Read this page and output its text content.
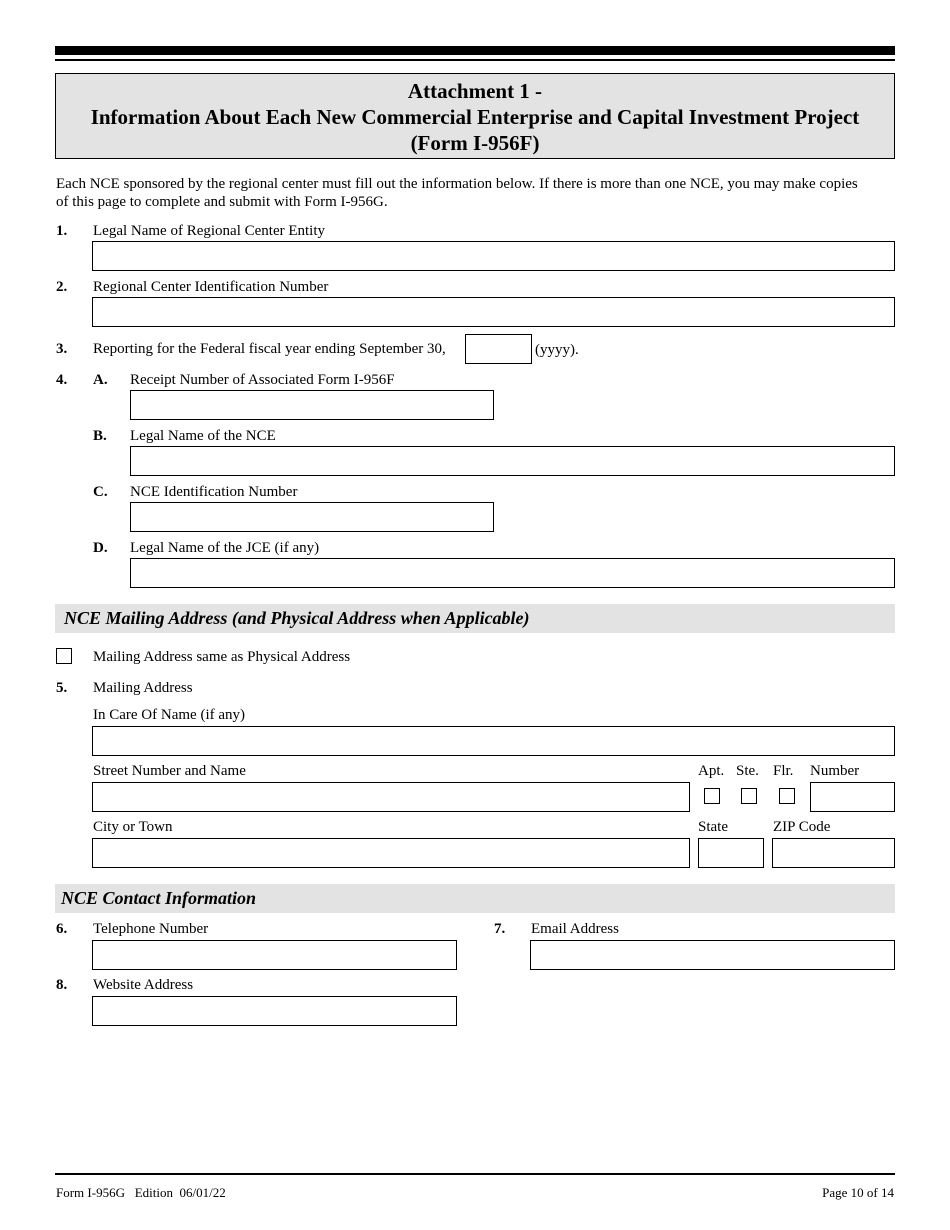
Attachment 1 -
Information About Each New Commercial Enterprise and Capital Investment Project
(Form I-956F)
Each NCE sponsored by the regional center must fill out the information below. If there is more than one NCE, you may make copies
of this page to complete and submit with Form I-956G.
1. Legal Name of Regional Center Entity
2. Regional Center Identification Number
3. Reporting for the Federal fiscal year ending September 30,	(yyyy).
4. A. Receipt Number of Associated Form I-956F
B. Legal Name of the NCE
C. NCE Identification Number
D. Legal Name of the JCE (if any)
NCE Mailing Address (and Physical Address when Applicable)
Mailing Address same as Physical Address
5. Mailing Address
In Care Of Name (if any)
Street Number and Name	Apt. Ste. Flr. Number
City or Town	State	ZIP Code
NCE Contact Information
6. Telephone Number	7. Email Address
8. Website Address
Form I-956G   Edition  06/01/22	Page 10 of 14
